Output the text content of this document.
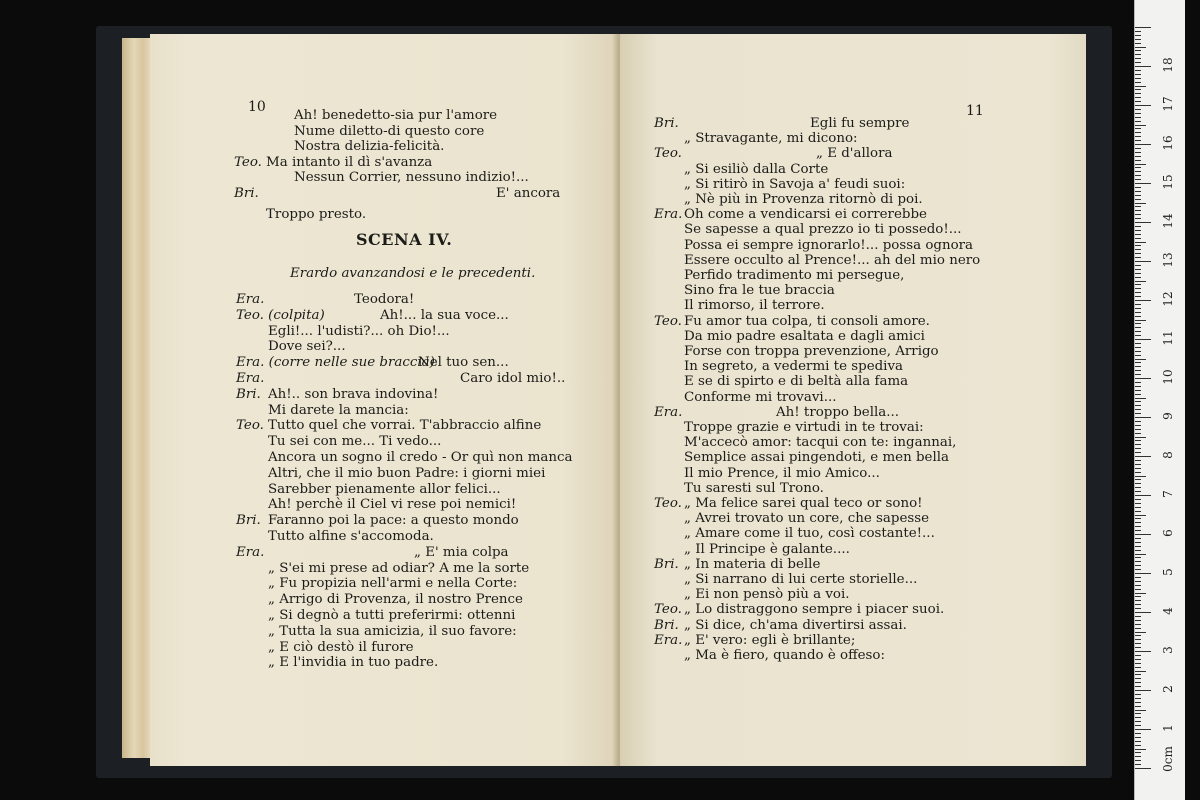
10
Ah! benedetto-sia pur l'amore
Nume diletto-di questo core
Nostra delizia-felicità.
Teo. Ma intanto il dì s'avanza
Nessun Corrier, nessuno indizio!...
Bri.	E' ancora
Troppo presto.
SCENA IV.
Erardo avanzandosi e le precedenti.
Era.	Teodora!
Teo. (colpita)	Ah!... la sua voce...
Egli!... l'udisti?... oh Dio!...
Dove sei?...
Era. (corre nelle sue braccia)
Nel tuo sen...
Era.	Caro idol mio!..
Bri. Ah!.. son brava indovina!
Mi darete la mancia:
Teo. Tutto quel che vorrai. T'abbraccio alfine
Tu sei con me... Ti vedo...
Ancora un sogno il credo - Or quì non manca
Altri, che il mio buon Padre: i giorni miei
Sarebber pienamente allor felici...
Ah! perchè il Ciel vi rese poi nemici!
Bri. Faranno poi la pace: a questo mondo
Tutto alfine s'accomoda.
Era.	„ E' mia colpa
„ S'ei mi prese ad odiar? A me la sorte
„ Fu propizia nell'armi e nella Corte:
„ Arrigo di Provenza, il nostro Prence
„ Si degnò a tutti preferirmi: ottenni
„ Tutta la sua amicizia, il suo favore:
„ E ciò destò il furore
„ E l'invidia in tuo padre.
11
Bri.	Egli fu sempre
„ Stravagante, mi dicono:
Teo.	„ E d'allora
„ Si esiliò dalla Corte
„ Si ritirò in Savoja a' feudi suoi:
„ Nè più in Provenza ritornò di poi.
Era. Oh come a vendicarsi ei correrebbe
Se sapesse a qual prezzo io ti possedo!...
Possa ei sempre ignorarlo!... possa ognora
Essere occulto al Prence!... ah del mio nero
Perfido tradimento mi persegue,
Sino fra le tue braccia
Il rimorso, il terrore.
Teo. Fu amor tua colpa, ti consoli amore.
Da mio padre esaltata e dagli amici
Forse con troppa prevenzione, Arrigo
In segreto, a vedermi te spediva
E se di spirto e di beltà alla fama
Conforme mi trovavi...
Era.	Ah! troppo bella...
Troppe grazie e virtudi in te trovai:
M'accecò amor: tacqui con te: ingannai,
Semplice assai pingendoti, e men bella
Il mio Prence, il mio Amico...
Tu saresti sul Trono.
Teo. „ Ma felice sarei qual teco or sono!
„ Avrei trovato un core, che sapesse
„ Amare come il tuo, così costante!...
„ Il Principe è galante....
Bri. „ In materia di belle
„ Si narrano di lui certe storielle...
„ Ei non pensò più a voi.
Teo. „ Lo distraggono sempre i piacer suoi.
Bri. „ Si dice, ch'ama divertirsi assai.
Era. „ E' vero: egli è brillante;
„ Ma è fiero, quando è offeso:
1
2
3
4
5
6
7
8
9
10
11
12
13
14
15
16
17
18
0cm
